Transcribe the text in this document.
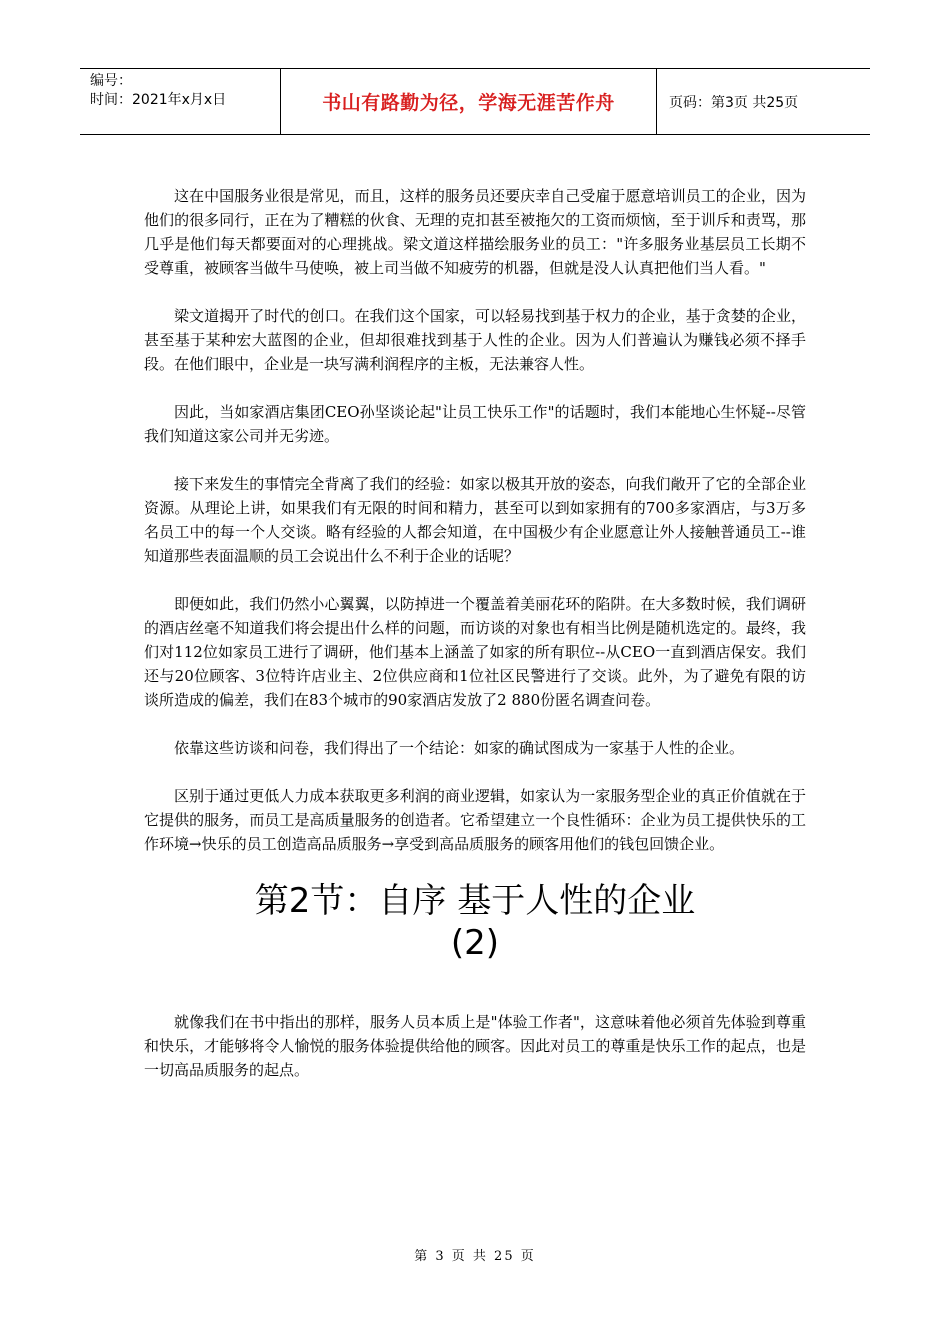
编号：
时间：2021年x月x日	书山有路勤为径，学海无涯苦作舟	页码：第3页 共25页

这在中国服务业很是常见，而且，这样的服务员还要庆幸自己受雇于愿意培训员工的企业，因为他们的很多同行，正在为了糟糕的伙食、无理的克扣甚至被拖欠的工资而烦恼，至于训斥和责骂，那几乎是他们每天都要面对的心理挑战。梁文道这样描绘服务业的员工："许多服务业基层员工长期不受尊重，被顾客当做牛马使唤，被上司当做不知疲劳的机器，但就是没人认真把他们当人看。"

梁文道揭开了时代的创口。在我们这个国家，可以轻易找到基于权力的企业，基于贪婪的企业，甚至基于某种宏大蓝图的企业，但却很难找到基于人性的企业。因为人们普遍认为赚钱必须不择手段。在他们眼中，企业是一块写满利润程序的主板，无法兼容人性。

因此，当如家酒店集团CEO孙坚谈论起"让员工快乐工作"的话题时，我们本能地心生怀疑--尽管我们知道这家公司并无劣迹。

接下来发生的事情完全背离了我们的经验：如家以极其开放的姿态，向我们敞开了它的全部企业资源。从理论上讲，如果我们有无限的时间和精力，甚至可以到如家拥有的700多家酒店，与3万多名员工中的每一个人交谈。略有经验的人都会知道，在中国极少有企业愿意让外人接触普通员工--谁知道那些表面温顺的员工会说出什么不利于企业的话呢？

即便如此，我们仍然小心翼翼，以防掉进一个覆盖着美丽花环的陷阱。在大多数时候，我们调研的酒店丝毫不知道我们将会提出什么样的问题，而访谈的对象也有相当比例是随机选定的。最终，我们对112位如家员工进行了调研，他们基本上涵盖了如家的所有职位--从CEO一直到酒店保安。我们还与20位顾客、3位特许店业主、2位供应商和1位社区民警进行了交谈。此外，为了避免有限的访谈所造成的偏差，我们在83个城市的90家酒店发放了2 880份匿名调查问卷。

依靠这些访谈和问卷，我们得出了一个结论：如家的确试图成为一家基于人性的企业。

区别于通过更低人力成本获取更多利润的商业逻辑，如家认为一家服务型企业的真正价值就在于它提供的服务，而员工是高质量服务的创造者。它希望建立一个良性循环：企业为员工提供快乐的工作环境→快乐的员工创造高品质服务→享受到高品质服务的顾客用他们的钱包回馈企业。

第2节：自序 基于人性的企业
(2)

就像我们在书中指出的那样，服务人员本质上是"体验工作者"，这意味着他必须首先体验到尊重和快乐，才能够将令人愉悦的服务体验提供给他的顾客。因此对员工的尊重是快乐工作的起点，也是一切高品质服务的起点。

第 3 页 共 25 页
